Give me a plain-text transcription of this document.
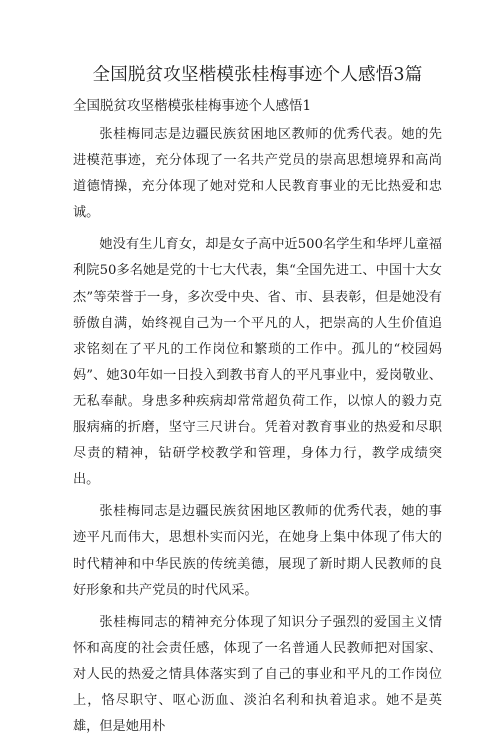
全国脱贫攻坚楷模张桂梅事迹个人感悟3篇
全国脱贫攻坚楷模张桂梅事迹个人感悟1

张桂梅同志是边疆民族贫困地区教师的优秀代表。她的先进模范事迹，充分体现了一名共产党员的崇高思想境界和高尚道德情操，充分体现了她对党和人民教育事业的无比热爱和忠诚。

她没有生儿育女，却是女子高中近500名学生和华坪儿童福利院50多名她是党的十七大代表，集“全国先进工、中国十大女杰”等荣誉于一身，多次受中央、省、市、县表彰，但是她没有骄傲自满，始终视自己为一个平凡的人，把崇高的人生价值追求铭刻在了平凡的工作岗位和繁琐的工作中。孤儿的“校园妈妈”、她30年如一日投入到教书育人的平凡事业中，爱岗敬业、无私奉献。身患多种疾病却常常超负荷工作，以惊人的毅力克服病痛的折磨，坚守三尺讲台。凭着对教育事业的热爱和尽职尽责的精神，钻研学校教学和管理，身体力行，教学成绩突出。

张桂梅同志是边疆民族贫困地区教师的优秀代表，她的事迹平凡而伟大，思想朴实而闪光，在她身上集中体现了伟大的时代精神和中华民族的传统美德，展现了新时期人民教师的良好形象和共产党员的时代风采。

张桂梅同志的精神充分体现了知识分子强烈的爱国主义情怀和高度的社会责任感，体现了一名普通人民教师把对国家、对人民的热爱之情具体落实到了自己的事业和平凡的工作岗位上，恪尽职守、呕心沥血、淡泊名利和执着追求。她不是英雄，但是她用朴
